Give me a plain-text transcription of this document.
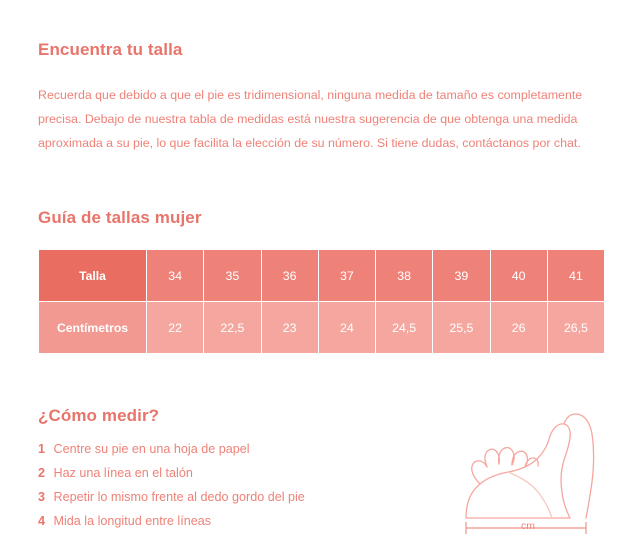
Encuentra tu talla

Recuerda que debido a que el pie es tridimensional, ninguna medida de tamaño es completamente precisa. Debajo de nuestra tabla de medidas está nuestra sugerencia de que obtenga una medida aproximada a su pie, lo que facilita la elección de su número. Si tiene dudas, contáctanos por chat.

Guía de tallas mujer
Talla	34	35	36	37	38	39	40	41
Centímetros	22	22,5	23	24	24,5	25,5	26	26,5
¿Cómo medir?
1 Centre su pie en una hoja de papel
2 Haz una línea en el talón
3 Repetir lo mismo frente al dedo gordo del pie
4 Mida la longitud entre líneas	cm
